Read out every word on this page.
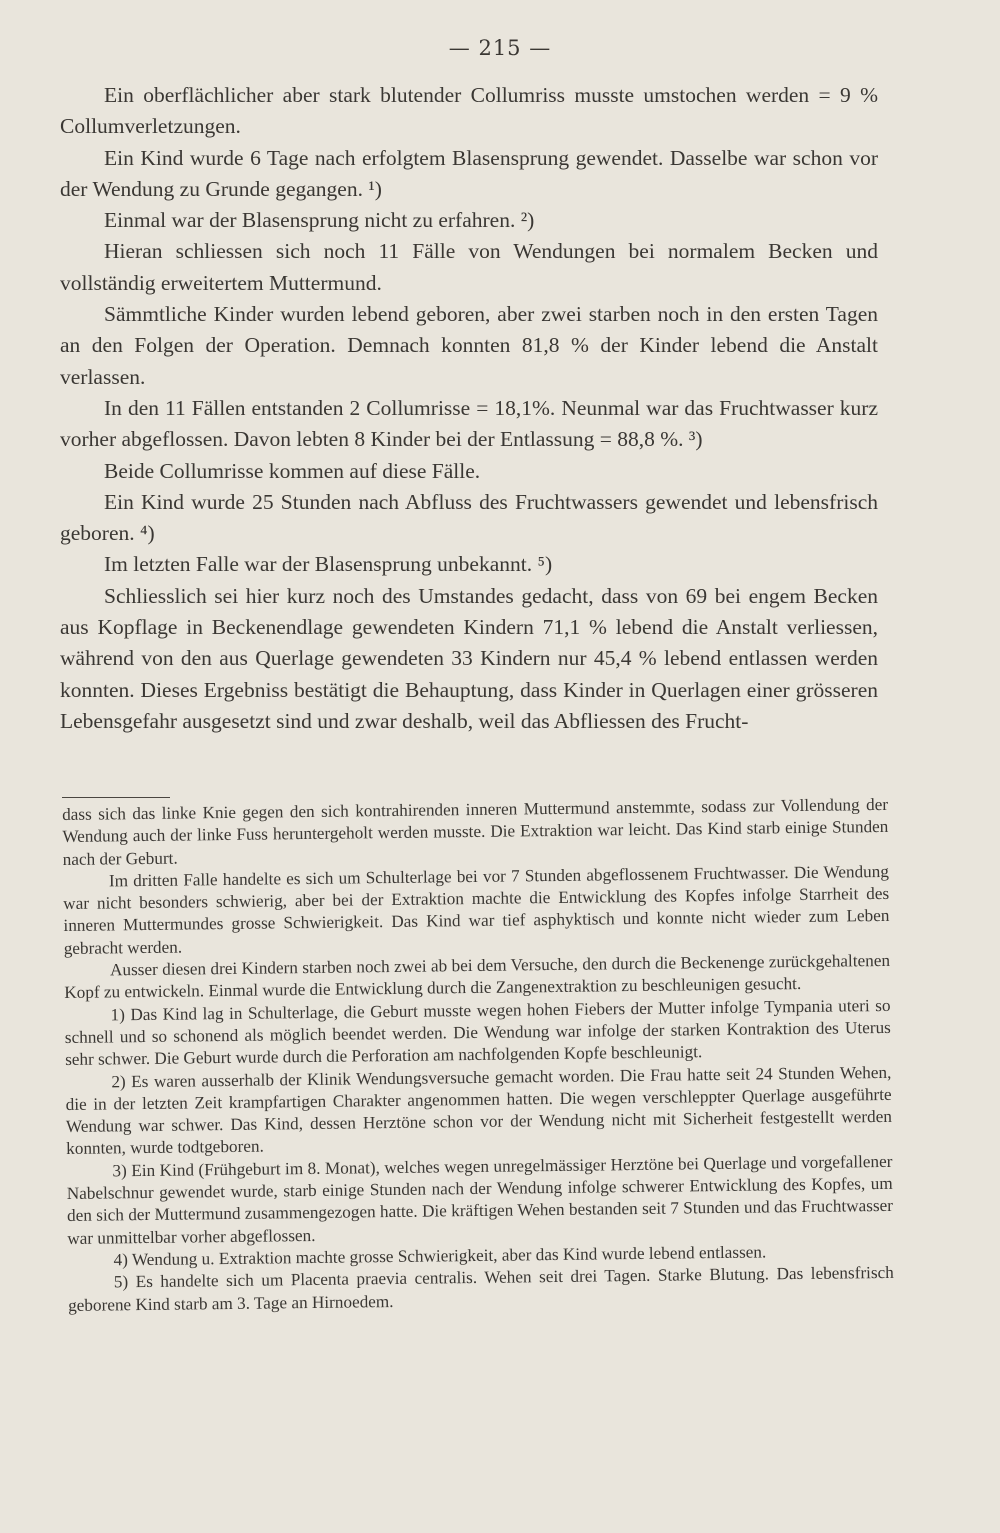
— 215 —

Ein oberflächlicher aber stark blutender Collumriss musste umstochen werden = 9 % Collumverletzungen.

Ein Kind wurde 6 Tage nach erfolgtem Blasensprung gewendet. Dasselbe war schon vor der Wendung zu Grunde gegangen. ¹)

Einmal war der Blasensprung nicht zu erfahren. ²)

Hieran schliessen sich noch 11 Fälle von Wendungen bei normalem Becken und vollständig erweitertem Muttermund.

Sämmtliche Kinder wurden lebend geboren, aber zwei starben noch in den ersten Tagen an den Folgen der Operation. Demnach konnten 81,8 % der Kinder lebend die Anstalt verlassen.

In den 11 Fällen entstanden 2 Collumrisse = 18,1%. Neunmal war das Fruchtwasser kurz vorher abgeflossen. Davon lebten 8 Kinder bei der Entlassung = 88,8 %. ³)

Beide Collumrisse kommen auf diese Fälle.

Ein Kind wurde 25 Stunden nach Abfluss des Fruchtwassers gewendet und lebensfrisch geboren. ⁴)

Im letzten Falle war der Blasensprung unbekannt. ⁵)

Schliesslich sei hier kurz noch des Umstandes gedacht, dass von 69 bei engem Becken aus Kopflage in Beckenendlage gewendeten Kindern 71,1 % lebend die Anstalt verliessen, während von den aus Querlage gewendeten 33 Kindern nur 45,4 % lebend entlassen werden konnten. Dieses Ergebniss bestätigt die Behauptung, dass Kinder in Querlagen einer grösseren Lebensgefahr ausgesetzt sind und zwar deshalb, weil das Abfliessen des Frucht-

dass sich das linke Knie gegen den sich kontrahirenden inneren Muttermund anstemmte, sodass zur Vollendung der Wendung auch der linke Fuss heruntergeholt werden musste. Die Extraktion war leicht. Das Kind starb einige Stunden nach der Geburt.

Im dritten Falle handelte es sich um Schulterlage bei vor 7 Stunden abgeflossenem Fruchtwasser. Die Wendung war nicht besonders schwierig, aber bei der Extraktion machte die Entwicklung des Kopfes infolge Starrheit des inneren Muttermundes grosse Schwierigkeit. Das Kind war tief asphyktisch und konnte nicht wieder zum Leben gebracht werden.

Ausser diesen drei Kindern starben noch zwei ab bei dem Versuche, den durch die Beckenenge zurückgehaltenen Kopf zu entwickeln. Einmal wurde die Entwicklung durch die Zangenextraktion zu beschleunigen gesucht.

1) Das Kind lag in Schulterlage, die Geburt musste wegen hohen Fiebers der Mutter infolge Tympania uteri so schnell und so schonend als möglich beendet werden. Die Wendung war infolge der starken Kontraktion des Uterus sehr schwer. Die Geburt wurde durch die Perforation am nachfolgenden Kopfe beschleunigt.

2) Es waren ausserhalb der Klinik Wendungsversuche gemacht worden. Die Frau hatte seit 24 Stunden Wehen, die in der letzten Zeit krampfartigen Charakter angenommen hatten. Die wegen verschleppter Querlage ausgeführte Wendung war schwer. Das Kind, dessen Herztöne schon vor der Wendung nicht mit Sicherheit festgestellt werden konnten, wurde todtgeboren.

3) Ein Kind (Frühgeburt im 8. Monat), welches wegen unregelmässiger Herztöne bei Querlage und vorgefallener Nabelschnur gewendet wurde, starb einige Stunden nach der Wendung infolge schwerer Entwicklung des Kopfes, um den sich der Muttermund zusammengezogen hatte. Die kräftigen Wehen bestanden seit 7 Stunden und das Fruchtwasser war unmittelbar vorher abgeflossen.

4) Wendung u. Extraktion machte grosse Schwierigkeit, aber das Kind wurde lebend entlassen.

5) Es handelte sich um Placenta praevia centralis. Wehen seit drei Tagen. Starke Blutung. Das lebensfrisch geborene Kind starb am 3. Tage an Hirnoedem.
